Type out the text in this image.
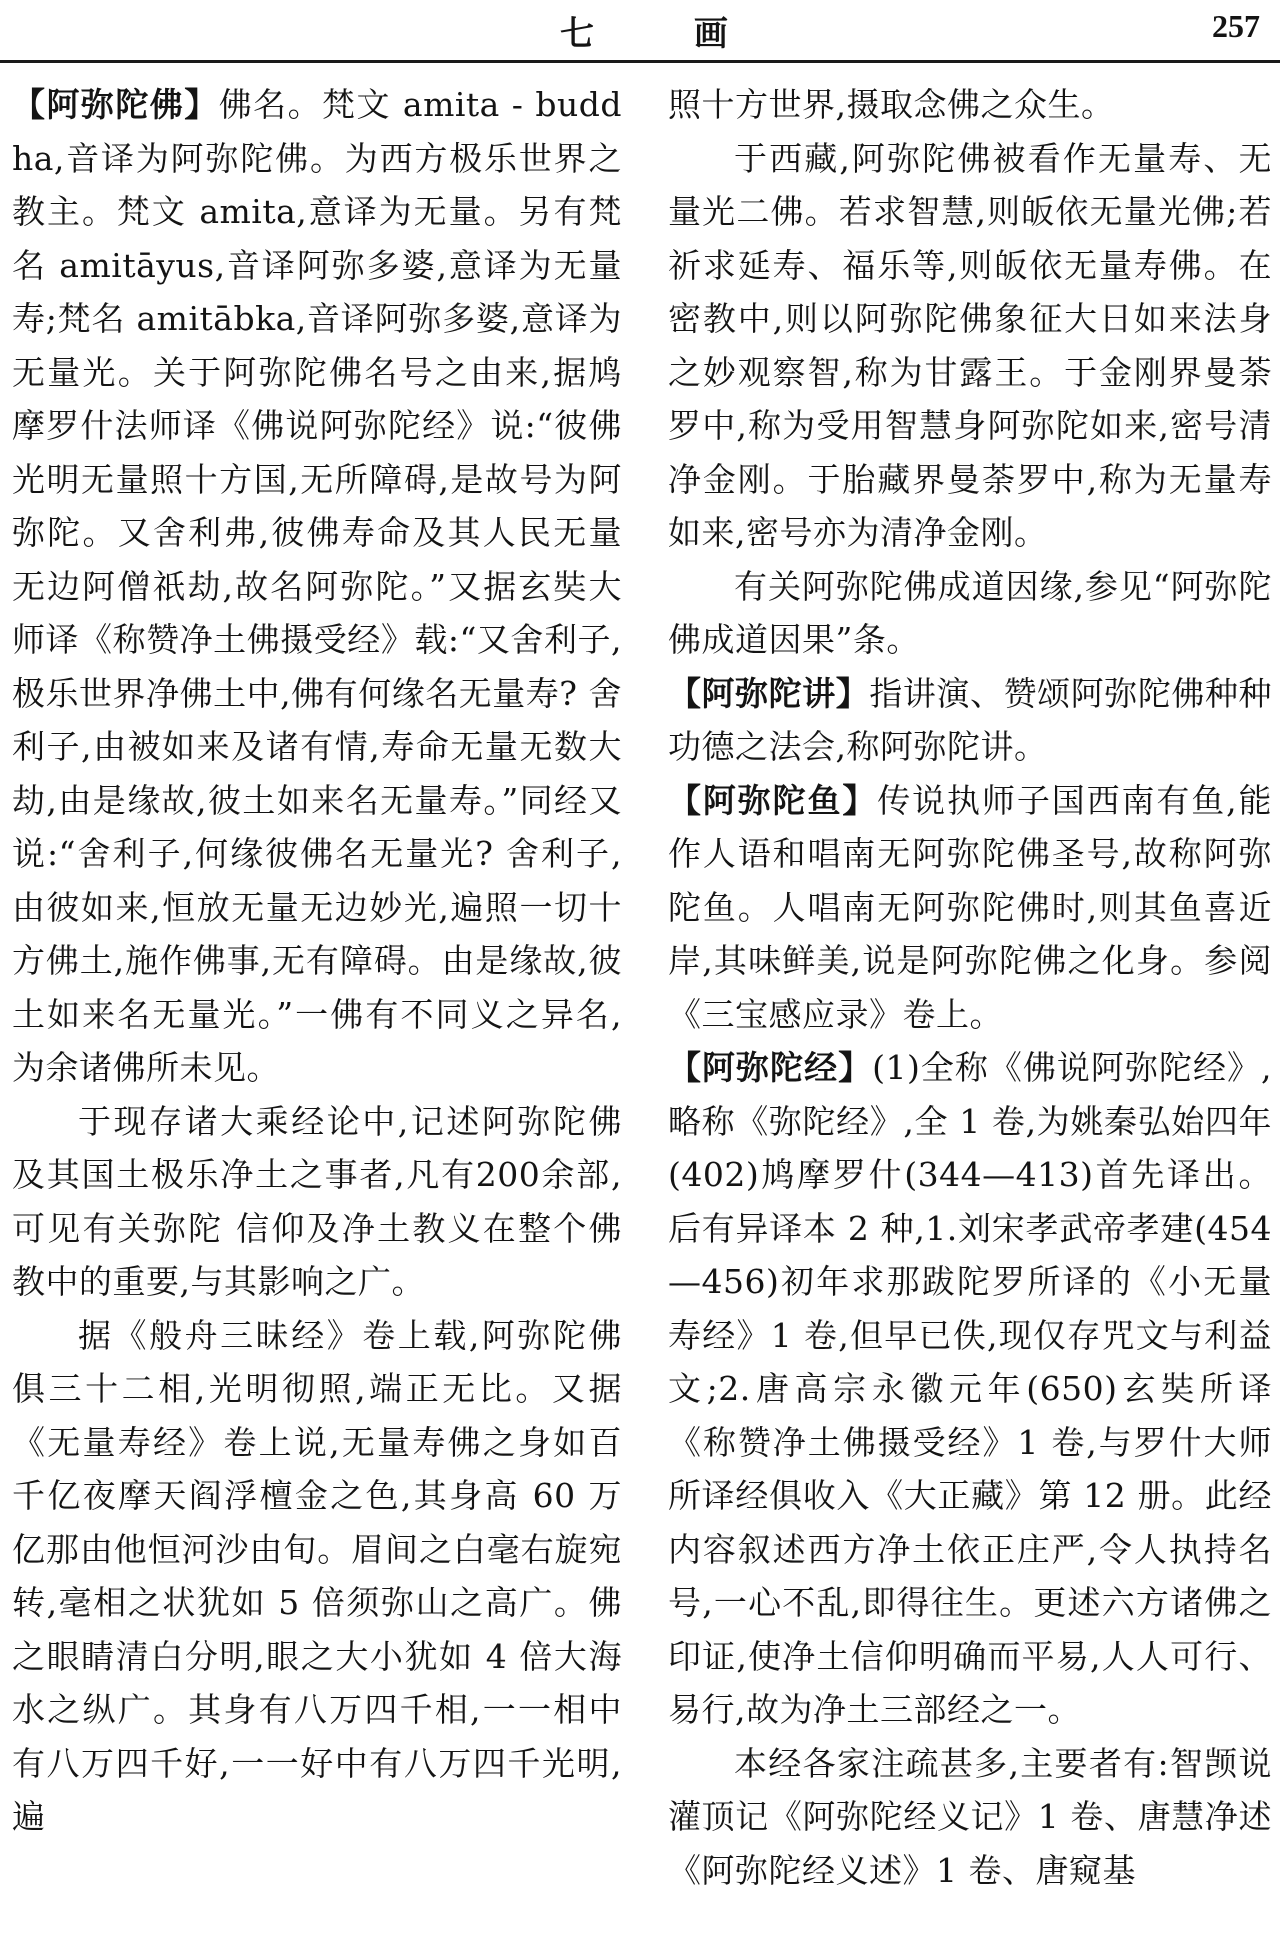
七 画	257

【阿弥陀佛】佛名。梵文 amita - buddha,音译为阿弥陀佛。为西方极乐世界之教主。梵文 amita,意译为无量。另有梵名 amitāyus,音译阿弥多婆,意译为无量寿;梵名 amitābka,音译阿弥多婆,意译为无量光。关于阿弥陀佛名号之由来,据鸠摩罗什法师译《佛说阿弥陀经》说:“彼佛光明无量照十方国,无所障碍,是故号为阿弥陀。又舍利弗,彼佛寿命及其人民无量无边阿僧祇劫,故名阿弥陀。”又据玄奘大师译《称赞净土佛摄受经》载:“又舍利子,极乐世界净佛土中,佛有何缘名无量寿? 舍利子,由被如来及诸有情,寿命无量无数大劫,由是缘故,彼土如来名无量寿。”同经又说:“舍利子,何缘彼佛名无量光? 舍利子,由彼如来,恒放无量无边妙光,遍照一切十方佛土,施作佛事,无有障碍。由是缘故,彼土如来名无量光。”一佛有不同义之异名,为余诸佛所未见。

于现存诸大乘经论中,记述阿弥陀佛及其国土极乐净土之事者,凡有200余部,可见有关弥陀 信仰及净土教义在整个佛教中的重要,与其影响之广。

据《般舟三昧经》卷上载,阿弥陀佛俱三十二相,光明彻照,端正无比。又据《无量寿经》卷上说,无量寿佛之身如百千亿夜摩天阎浮檀金之色,其身高 60 万亿那由他恒河沙由旬。眉间之白毫右旋宛转,毫相之状犹如 5 倍须弥山之高广。佛之眼睛清白分明,眼之大小犹如 4 倍大海水之纵广。其身有八万四千相,一一相中有八万四千好,一一好中有八万四千光明,遍

照十方世界,摄取念佛之众生。

于西藏,阿弥陀佛被看作无量寿、无量光二佛。若求智慧,则皈依无量光佛;若祈求延寿、福乐等,则皈依无量寿佛。在密教中,则以阿弥陀佛象征大日如来法身之妙观察智,称为甘露王。于金刚界曼荼罗中,称为受用智慧身阿弥陀如来,密号清净金刚。于胎藏界曼荼罗中,称为无量寿如来,密号亦为清净金刚。

有关阿弥陀佛成道因缘,参见“阿弥陀佛成道因果”条。

【阿弥陀讲】指讲演、赞颂阿弥陀佛种种功德之法会,称阿弥陀讲。

【阿弥陀鱼】传说执师子国西南有鱼,能作人语和唱南无阿弥陀佛圣号,故称阿弥陀鱼。人唱南无阿弥陀佛时,则其鱼喜近岸,其味鲜美,说是阿弥陀佛之化身。参阅《三宝感应录》卷上。

【阿弥陀经】(1)全称《佛说阿弥陀经》,略称《弥陀经》,全 1 卷,为姚秦弘始四年(402)鸠摩罗什(344—413)首先译出。后有异译本 2 种,1.刘宋孝武帝孝建(454—456)初年求那跋陀罗所译的《小无量寿经》1 卷,但早已佚,现仅存咒文与利益文;2.唐高宗永徽元年(650)玄奘所译《称赞净土佛摄受经》1 卷,与罗什大师所译经俱收入《大正藏》第 12 册。此经内容叙述西方净土依正庄严,令人执持名号,一心不乱,即得往生。更述六方诸佛之印证,使净土信仰明确而平易,人人可行、易行,故为净土三部经之一。

本经各家注疏甚多,主要者有:智𫖮说灌顶记《阿弥陀经义记》1 卷、唐慧净述《阿弥陀经义述》1 卷、唐窥基
